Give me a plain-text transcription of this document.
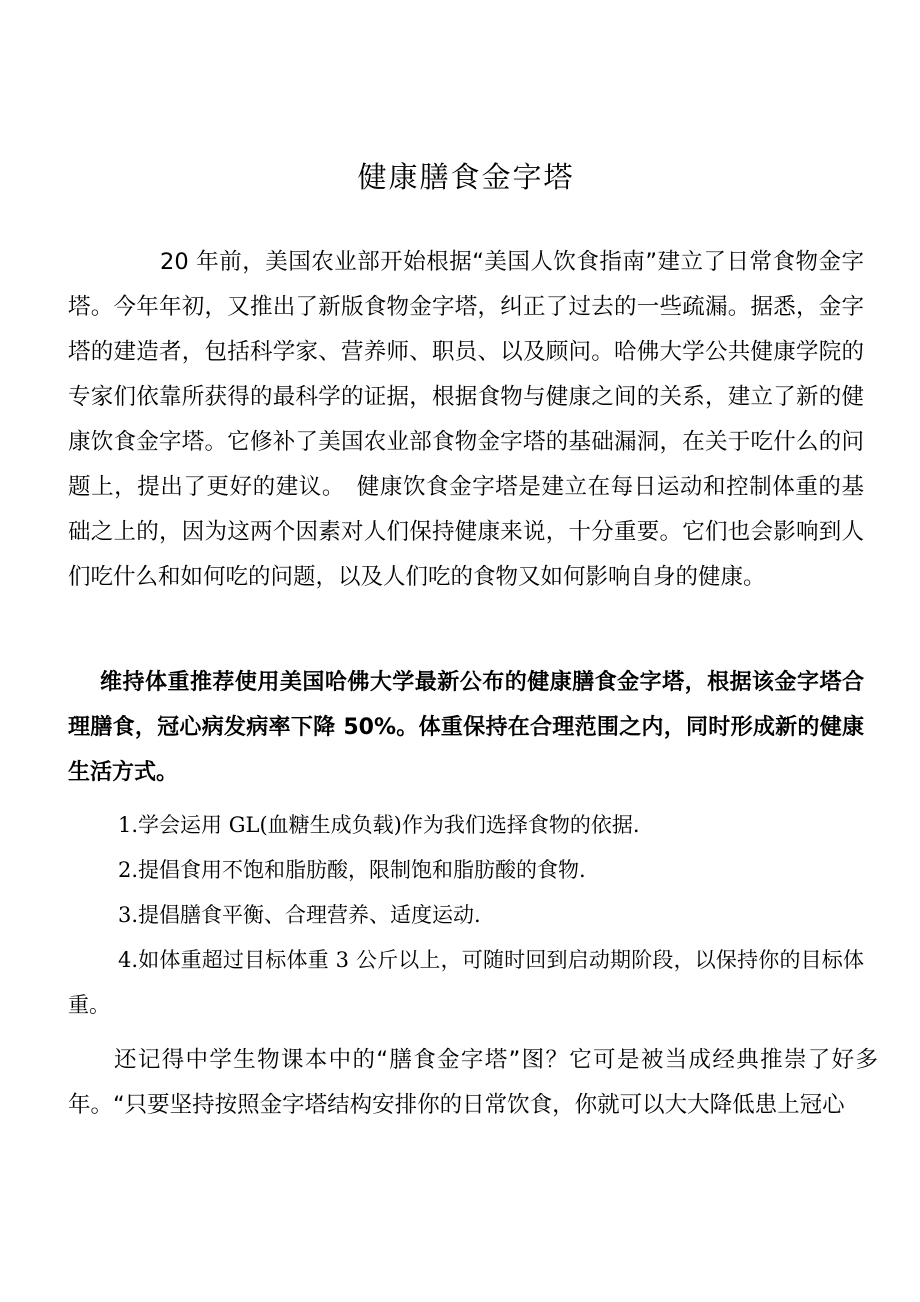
健康膳食金字塔

20 年前，美国农业部开始根据“美国人饮食指南”建立了日常食物金字塔。今年年初，又推出了新版食物金字塔，纠正了过去的一些疏漏。据悉，金字塔的建造者，包括科学家、营养师、职员、以及顾问。哈佛大学公共健康学院的专家们依靠所获得的最科学的证据，根据食物与健康之间的关系，建立了新的健康饮食金字塔。它修补了美国农业部食物金字塔的基础漏洞，在关于吃什么的问题上，提出了更好的建议。　健康饮食金字塔是建立在每日运动和控制体重的基础之上的，因为这两个因素对人们保持健康来说，十分重要。它们也会影响到人们吃什么和如何吃的问题，以及人们吃的食物又如何影响自身的健康。

维持体重推荐使用美国哈佛大学最新公布的健康膳食金字塔，根据该金字塔合理膳食，冠心病发病率下降 50%。体重保持在合理范围之内，同时形成新的健康生活方式。

1.学会运用 GL(血糖生成负载)作为我们选择食物的依据.
2.提倡食用不饱和脂肪酸，限制饱和脂肪酸的食物.
3.提倡膳食平衡、合理营养、适度运动.
4.如体重超过目标体重 3 公斤以上，可随时回到启动期阶段，以保持你的目标体重。

还记得中学生物课本中的“膳食金字塔”图？它可是被当成经典推崇了好多年。“只要坚持按照金字塔结构安排你的日常饮食，你就可以大大降低患上冠心
